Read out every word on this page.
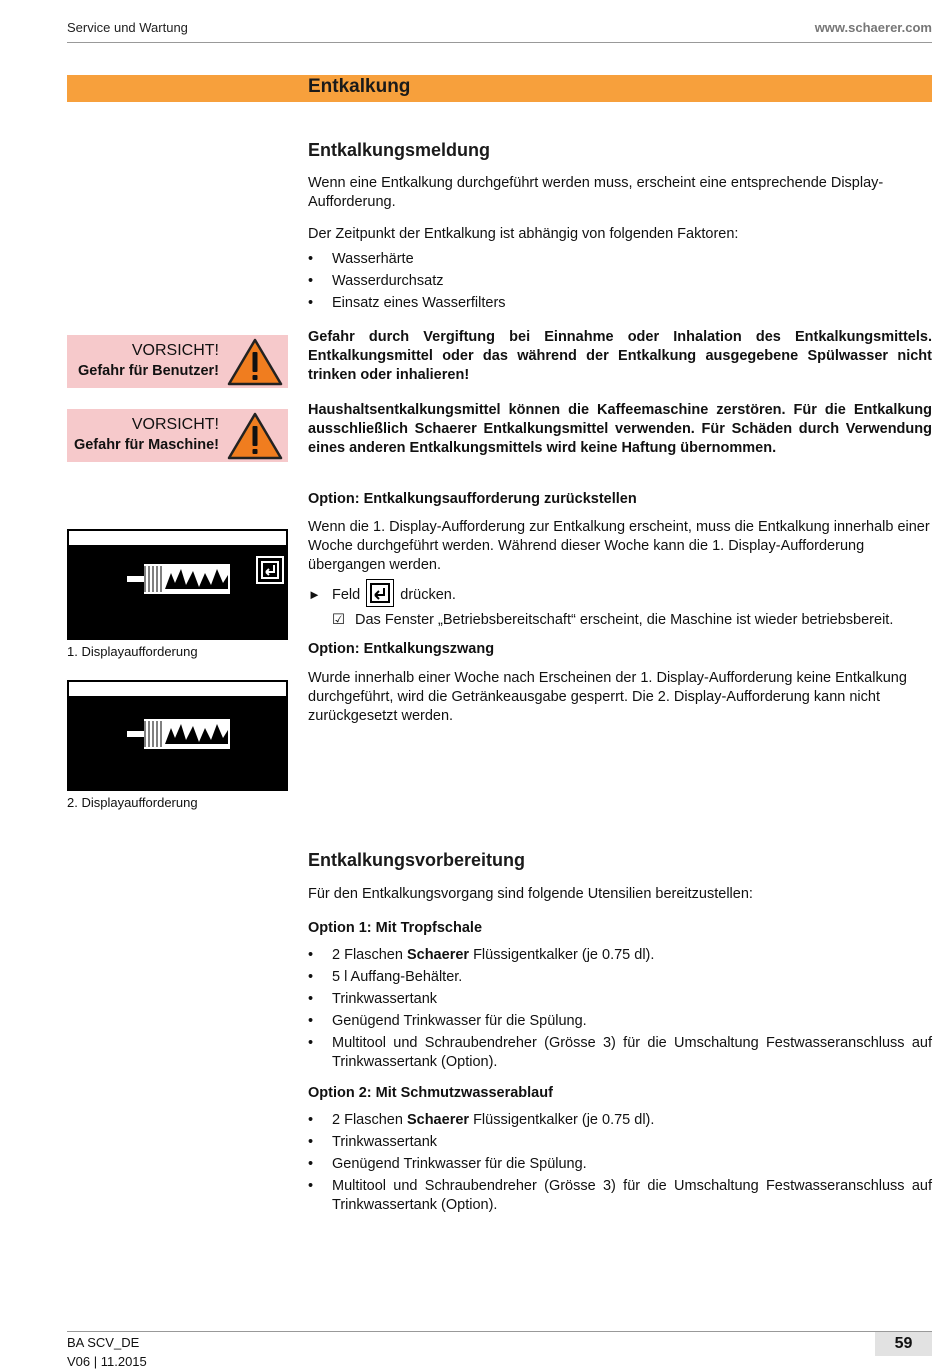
Service und Wartung	www.schaerer.com
Entkalkung
Entkalkungsmeldung

Wenn eine Entkalkung durchgeführt werden muss, erscheint eine entsprechende Display-Aufforderung.

Der Zeitpunkt der Entkalkung ist abhängig von folgenden Faktoren:

• Wasserhärte
• Wasserdurchsatz
• Einsatz eines Wasserfilters
VORSICHT!
Gefahr für Benutzer!
Gefahr durch Vergiftung bei Einnahme oder Inhalation des Entkalkungsmittels. Entkalkungsmittel oder das während der Entkalkung ausgegebene Spülwasser nicht trinken oder inhalieren!
VORSICHT!
Gefahr für Maschine!
Haushaltsentkalkungsmittel können die Kaffeemaschine zerstören. Für die Entkalkung ausschließlich Schaerer Entkalkungsmittel verwenden. Für Schäden durch Verwendung eines anderen Entkalkungsmittels wird keine Haftung übernommen.
Option: Entkalkungsaufforderung zurückstellen

Wenn die 1. Display-Aufforderung zur Entkalkung erscheint, muss die Entkalkung innerhalb einer Woche durchgeführt werden. Während dieser Woche kann die 1. Display-Aufforderung übergangen werden.

► Feld	drücken.
☑ Das Fenster „Betriebsbereitschaft“ erscheint, die Maschine ist wieder betriebsbereit.
1. Displayaufforderung	Option: Entkalkungszwang
Wurde innerhalb einer Woche nach Erscheinen der 1. Display-Aufforderung keine Entkalkung durchgeführt, wird die Getränkeausgabe gesperrt. Die 2. Display-Aufforderung kann nicht zurückgesetzt werden.
2. Displayaufforderung
Entkalkungsvorbereitung

Für den Entkalkungsvorgang sind folgende Utensilien bereitzustellen:

Option 1: Mit Tropfschale
• 2 Flaschen Schaerer Flüssigentkalker (je 0.75 dl).
• 5 l Auffang-Behälter.
• Trinkwassertank
• Genügend Trinkwasser für die Spülung.
• Multitool und Schraubendreher (Grösse 3) für die Umschaltung Festwasseranschluss auf Trinkwassertank (Option).
Option 2: Mit Schmutzwasserablauf
• 2 Flaschen Schaerer Flüssigentkalker (je 0.75 dl).
• Trinkwassertank
• Genügend Trinkwasser für die Spülung.
• Multitool und Schraubendreher (Grösse 3) für die Umschaltung Festwasseranschluss auf Trinkwassertank (Option).
BA SCV_DE
V06 | 11.2015
59
